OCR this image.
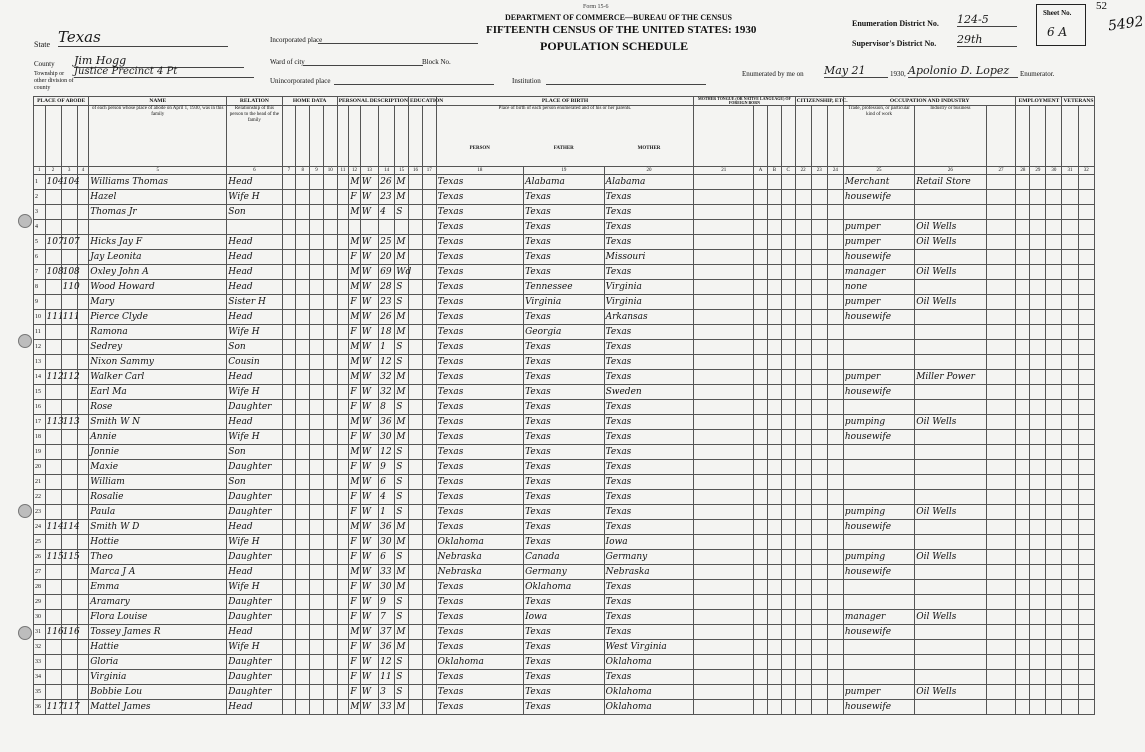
Form 15-6
DEPARTMENT OF COMMERCE—BUREAU OF THE CENSUS
FIFTEENTH CENSUS OF THE UNITED STATES: 1930
POPULATION SCHEDULE
State Texas
County Jim Hogg
Township or other division of county
Justice Precinct 4 Pt
Incorporated place
Ward of city
Unincorporated place
Block No.
Institution
Enumeration District No. 124-5
Supervisor's District No. 29th
Sheet No.
6 A
52
5492
Enumerated by me on May 21	1930, Apolonio D. Lopez	Enumerator.
PLACE OF ABODE				NAME	RELATION	HOME DATA				PERSONAL DESCRIPTION					EDUCATION		PLACE OF BIRTH			MOTHER TONGUE (OR NATIVE LANGUAGE) OF FOREIGN BORN				CITIZENSHIP, ETC.			OCCUPATION AND INDUSTRY			EMPLOYMENT			VETERANS	
				of each person whose place of abode on April 1, 1930, was in this family	Relationship of this person to the head of the family												Place of birth of each person enumerated and of his or her parents.
PERSON FATHER MOTHER										Trade, profession, or particular kind of work	Industry or business						
1	2	3	4	5	6	7	8	9	10	11	12	13	14	15	16	17	18	19	20	21	A	B	C	22	23	24	25	26	27	28	29	30	31	32
1	104	104		Williams Thomas	Head						M	W	26	M			Texas	Alabama	Alabama								Merchant	Retail Store						
2				Hazel	Wife H						F	W	23	M			Texas	Texas	Texas								housewife							
3				Thomas Jr	Son						M	W	4	S			Texas	Texas	Texas															
4																	Texas	Texas	Texas								pumper	Oil Wells						
5	107	107		Hicks Jay F	Head						M	W	25	M			Texas	Texas	Texas								pumper	Oil Wells						
6				Jay Leonita	Head						F	W	20	M			Texas	Texas	Missouri								housewife							
7	108	108		Oxley John A	Head						M	W	69	Wd			Texas	Texas	Texas								manager	Oil Wells						
8		110		Wood Howard	Head						M	W	28	S			Texas	Tennessee	Virginia								none							
9				Mary	Sister H						F	W	23	S			Texas	Virginia	Virginia								pumper	Oil Wells						
10	111	111		Pierce Clyde	Head						M	W	26	M			Texas	Texas	Arkansas								housewife							
11				Ramona	Wife H						F	W	18	M			Texas	Georgia	Texas															
12				Sedrey	Son						M	W	1	S			Texas	Texas	Texas															
13				Nixon Sammy	Cousin						M	W	12	S			Texas	Texas	Texas															
14	112	112		Walker Carl	Head						M	W	32	M			Texas	Texas	Texas								pumper	Miller Power						
15				Earl Ma	Wife H						F	W	32	M			Texas	Texas	Sweden								housewife							
16				Rose	Daughter						F	W	8	S			Texas	Texas	Texas															
17	113	113		Smith W N	Head						M	W	36	M			Texas	Texas	Texas								pumping	Oil Wells						
18				Annie	Wife H						F	W	30	M			Texas	Texas	Texas								housewife							
19				Jonnie	Son						M	W	12	S			Texas	Texas	Texas															
20				Maxie	Daughter						F	W	9	S			Texas	Texas	Texas															
21				William	Son						M	W	6	S			Texas	Texas	Texas															
22				Rosalie	Daughter						F	W	4	S			Texas	Texas	Texas															
23				Paula	Daughter						F	W	1	S			Texas	Texas	Texas								pumping	Oil Wells						
24	114	114		Smith W D	Head						M	W	36	M			Texas	Texas	Texas								housewife							
25				Hottie	Wife H						F	W	30	M			Oklahoma	Texas	Iowa															
26	115	115		Theo	Daughter						F	W	6	S			Nebraska	Canada	Germany								pumping	Oil Wells						
27				Marca J A	Head						M	W	33	M			Nebraska	Germany	Nebraska								housewife							
28				Emma	Wife H						F	W	30	M			Texas	Oklahoma	Texas															
29				Aramary	Daughter						F	W	9	S			Texas	Texas	Texas															
30				Flora Louise	Daughter						F	W	7	S			Texas	Iowa	Texas								manager	Oil Wells						
31	116	116		Tossey James R	Head						M	W	37	M			Texas	Texas	Texas								housewife							
32				Hattie	Wife H						F	W	36	M			Texas	Texas	West Virginia															
33				Gloria	Daughter						F	W	12	S			Oklahoma	Texas	Oklahoma															
34				Virginia	Daughter						F	W	11	S			Texas	Texas	Texas															
35				Bobbie Lou	Daughter						F	W	3	S			Texas	Texas	Oklahoma								pumper	Oil Wells						
36	117	117		Mattel James	Head						M	W	33	M			Texas	Texas	Oklahoma								housewife							
